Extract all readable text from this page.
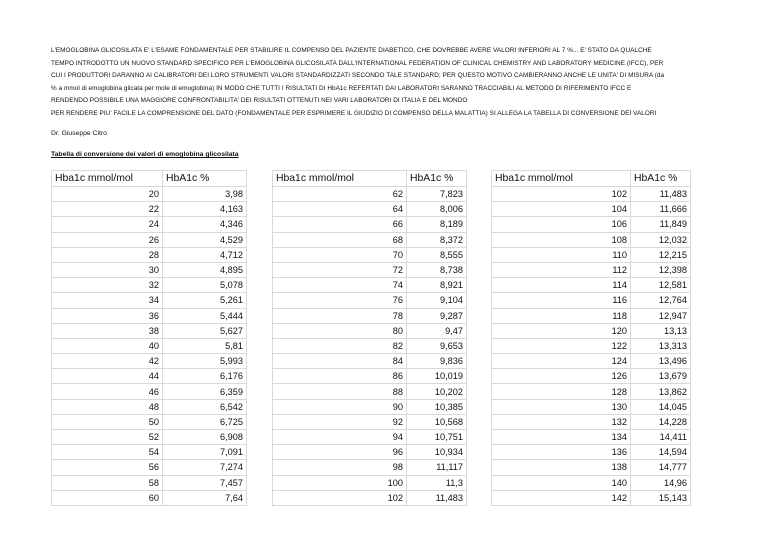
L'EMOGLOBINA GLICOSILATA E' L'ESAME FONDAMENTALE PER STABILIRE IL COMPENSO DEL PAZIENTE DIABETICO, CHE DOVREBBE AVERE VALORI INFERIORI AL 7 %... E' STATO DA QUALCHE
TEMPO INTRODOTTO UN NUOVO STANDARD SPECIFICO PER L'EMOGLOBINA GLICOSILATA DALL'INTERNATIONAL FEDERATION OF CLINICAL CHEMISTRY AND LABORATORY MEDICINE (IFCC), PER
CUI I PRODUTTORI DARANNO AI CALIBRATORI DEI LORO STRUMENTI VALORI STANDARDIZZATI SECONDO TALE STANDARD; PER QUESTO MOTIVO CAMBIERANNO ANCHE LE UNITA' DI MISURA (da
% a mmol di emoglobina glicata per mole di emoglobina) IN MODO CHE TUTTI I RISULTATI DI HbA1c REFERTATI DAI LABORATORI SARANNO TRACCIABILI AL METODO DI RIFERIMENTO IFCC E
RENDENDO POSSIBILE UNA MAGGIORE CONFRONTABILITA' DEI RISULTATI OTTENUTI NEI VARI LABORATORI DI ITALIA E DEL MONDO
PER RENDERE PIU' FACILE LA COMPRENSIONE DEL DATO (FONDAMENTALE PER ESPRIMERE IL GIUDIZIO DI COMPENSO DELLA MALATTIA) SI ALLEGA LA TABELLA DI CONVERSIONE DEI VALORI
Dr. Giuseppe Citro
Tabella di conversione dei valori di emoglobina glicosilata
Hba1c mmol/mol	HbA1c %
20	3,98
22	4,163
24	4,346
26	4,529
28	4,712
30	4,895
32	5,078
34	5,261
36	5,444
38	5,627
40	5,81
42	5,993
44	6,176
46	6,359
48	6,542
50	6,725
52	6,908
54	7,091
56	7,274
58	7,457
60	7,64
Hba1c mmol/mol	HbA1c %
62	7,823
64	8,006
66	8,189
68	8,372
70	8,555
72	8,738
74	8,921
76	9,104
78	9,287
80	9,47
82	9,653
84	9,836
86	10,019
88	10,202
90	10,385
92	10,568
94	10,751
96	10,934
98	11,117
100	11,3
102	11,483
Hba1c mmol/mol	HbA1c %
102	11,483
104	11,666
106	11,849
108	12,032
110	12,215
112	12,398
114	12,581
116	12,764
118	12,947
120	13,13
122	13,313
124	13,496
126	13,679
128	13,862
130	14,045
132	14,228
134	14,411
136	14,594
138	14,777
140	14,96
142	15,143
